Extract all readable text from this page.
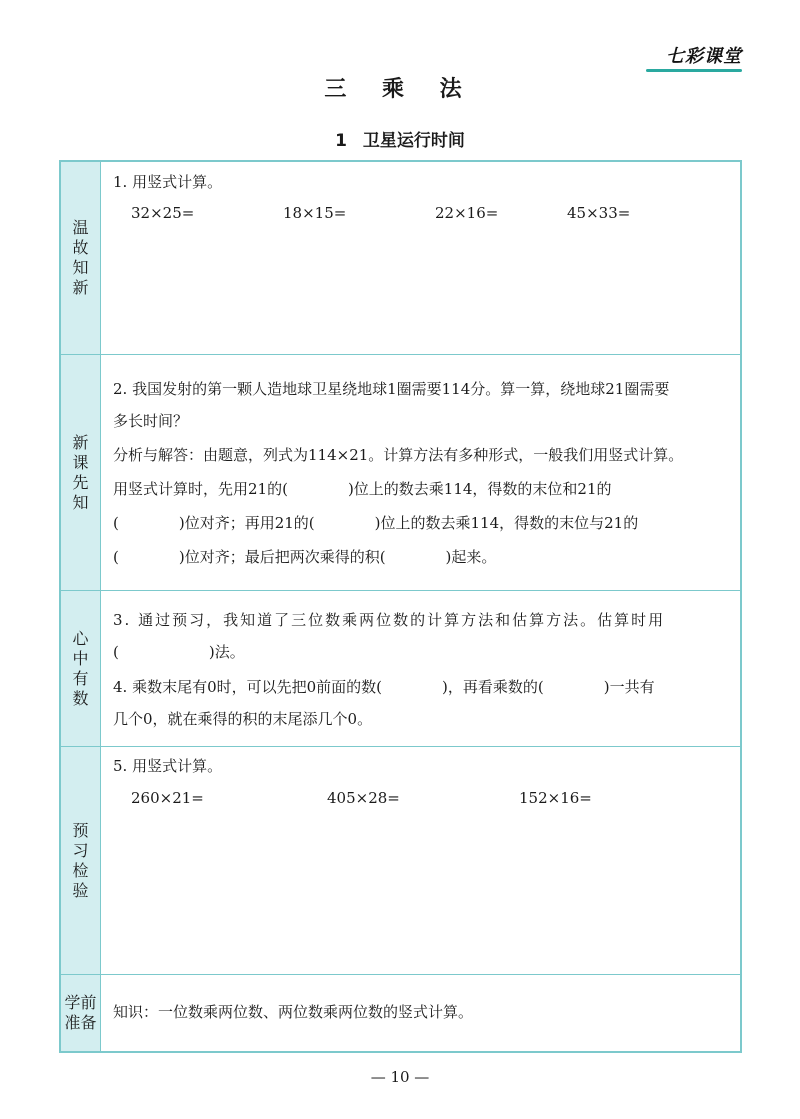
七彩课堂
三 乘 法
1 卫星运行时间
温故知新
1. 用竖式计算。
32×25=	18×15=	22×16=	45×33=
新课先知
2. 我国发射的第一颗人造地球卫星绕地球1圈需要114分。算一算，绕地球21圈需要
多长时间？
分析与解答：由题意，列式为114×21。计算方法有多种形式，一般我们用竖式计算。
用竖式计算时，先用21的(　　　　)位上的数去乘114，得数的末位和21的
(　　　　)位对齐；再用21的(　　　　)位上的数去乘114，得数的末位与21的
(　　　　)位对齐；最后把两次乘得的积(　　　　)起来。
心中有数
3. 通过预习，我知道了三位数乘两位数的计算方法和估算方法。估算时用
(　　　　　　)法。
4. 乘数末尾有0时，可以先把0前面的数(　　　　)，再看乘数的(　　　　)一共有
几个0，就在乘得的积的末尾添几个0。
预习检验
5. 用竖式计算。
260×21=	405×28=	152×16=
学前准备
知识：一位数乘两位数、两位数乘两位数的竖式计算。
— 10 —
